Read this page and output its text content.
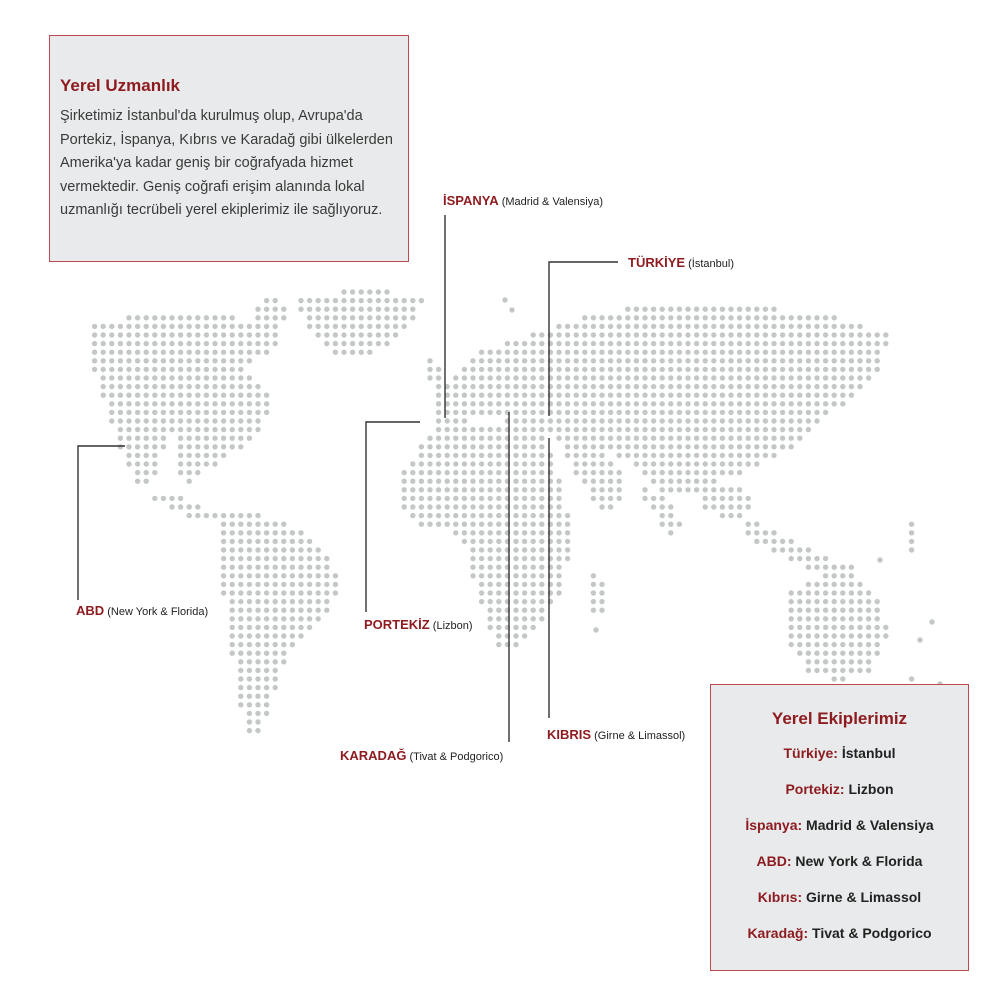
Yerel Uzmanlık

Şirketimiz İstanbul'da kurulmuş olup, Avrupa'da Portekiz, İspanya, Kıbrıs ve Karadağ gibi ülkelerden Amerika'ya kadar geniş bir coğrafyada hizmet vermektedir. Geniş coğrafi erişim alanında lokal uzmanlığı tecrübeli yerel ekiplerimiz ile sağlıyoruz.

İSPANYA (Madrid & Valensiya)
TÜRKİYE (İstanbul)
ABD (New York & Florida)
PORTEKİZ (Lizbon)
KIBRIS (Girne & Limassol)
KARADAĞ (Tivat & Podgorico)
Yerel Ekiplerimiz
Türkiye: İstanbul
Portekiz: Lizbon
İspanya: Madrid & Valensiya
ABD: New York & Florida
Kıbrıs: Girne & Limassol
Karadağ: Tivat & Podgorico
